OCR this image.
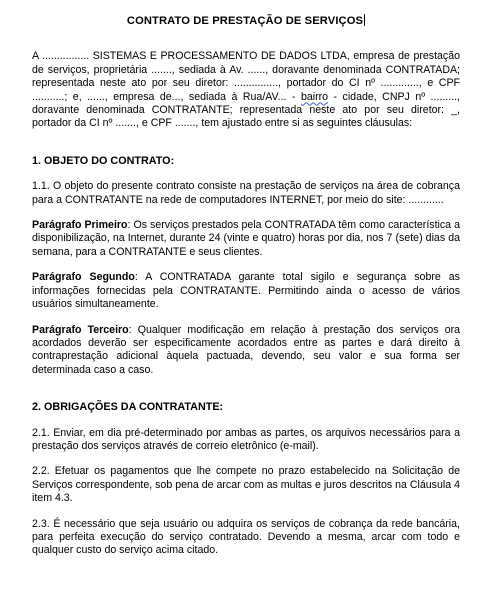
CONTRATO DE PRESTAÇÃO DE SERVIÇOS

A ................ SISTEMAS E PROCESSAMENTO DE DADOS LTDA, empresa de prestação de serviços, proprietária ......., sediada à Av. ......, doravante denominada CONTRATADA; representada neste ato por seu diretor: ..............., portador do CI nº ............., e CPF ...........; e, ......, empresa de..., sediada à Rua/AV... - bairro - cidade, CNPJ nº ........., doravante denominada CONTRATANTE; representada neste ato por seu diretor: _, portador da CI nº ......., e CPF ......., tem ajustado entre si as seguintes cláusulas:

1. OBJETO DO CONTRATO:

1.1. O objeto do presente contrato consiste na prestação de serviços na área de cobrança para a CONTRATANTE na rede de computadores INTERNET, por meio do site: ............

Parágrafo Primeiro: Os serviços prestados pela CONTRATADA têm como característica a disponibilização, na Internet, durante 24 (vinte e quatro) horas por dia, nos 7 (sete) dias da semana, para a CONTRATANTE e seus clientes.

Parágrafo Segundo: A CONTRATADA garante total sigilo e segurança sobre as informações fornecidas pela CONTRATANTE. Permitindo ainda o acesso de vários usuários simultaneamente.

Parágrafo Terceiro: Qualquer modificação em relação à prestação dos serviços ora acordados deverão ser especificamente acordados entre as partes e dará direito à contraprestação adicional àquela pactuada, devendo, seu valor e sua forma ser determinada caso a caso.

2. OBRIGAÇÕES DA CONTRATANTE:

2.1. Enviar, em dia pré-determinado por ambas as partes, os arquivos necessários para a prestação dos serviços através de correio eletrônico (e-mail).

2.2. Efetuar os pagamentos que lhe compete no prazo estabelecido na Solicitação de Serviços correspondente, sob pena de arcar com as multas e juros descritos na Cláusula 4 item 4.3.

2.3. É necessário que seja usuário ou adquira os serviços de cobrança da rede bancária, para perfeita execução do serviço contratado. Devendo a mesma, arcar com todo e qualquer custo do serviço acima citado.
